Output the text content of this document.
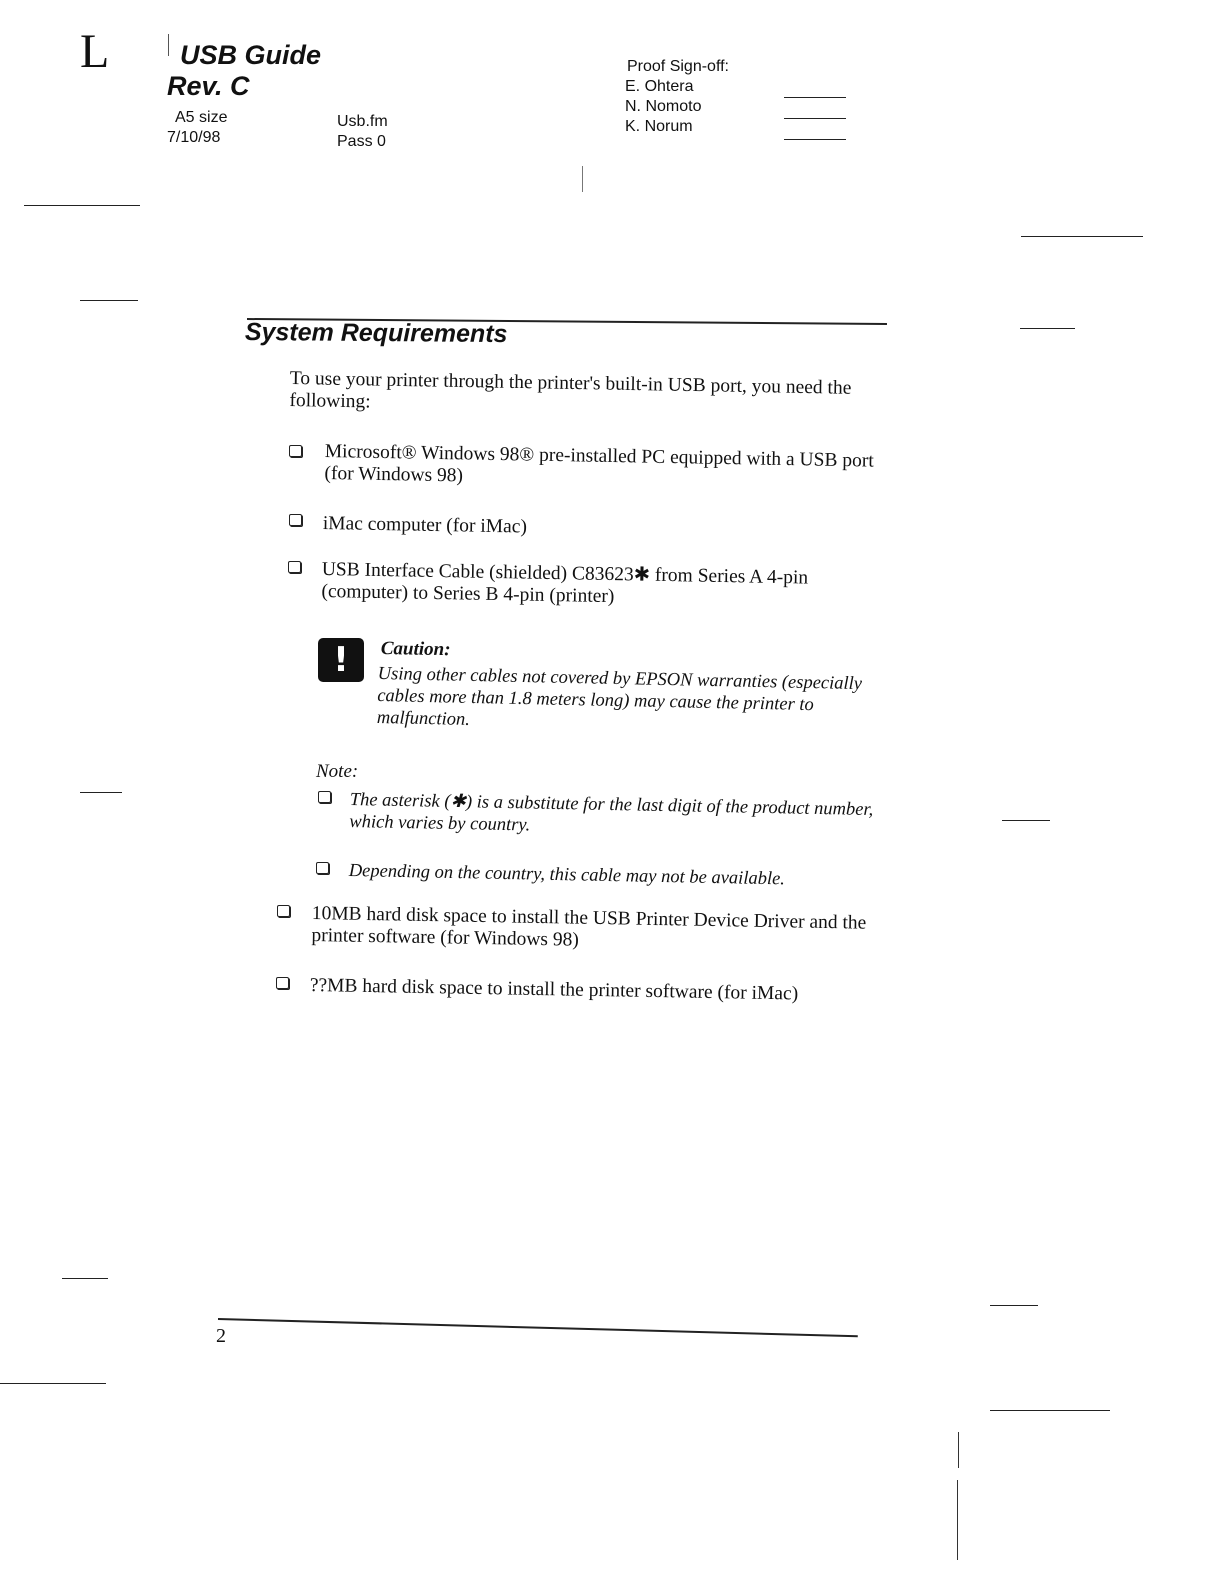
L	USB Guide
Rev. C
A5 size
7/10/98
Usb.fm
Pass 0
Proof Sign-off:
E. Ohtera
N. Nomoto
K. Norum
System Requirements
To use your printer through the printer's built-in USB port, you need the following:
Microsoft® Windows 98® pre-installed PC equipped with a USB port (for Windows 98)
iMac computer (for iMac)
USB Interface Cable (shielded) C83623✱ from Series A 4-pin (computer) to Series B 4-pin (printer)
!	Caution:
Using other cables not covered by EPSON warranties (especially cables more than 1.8 meters long) may cause the printer to malfunction.
Note:
The asterisk (✱) is a substitute for the last digit of the product number, which varies by country.
Depending on the country, this cable may not be available.
10MB hard disk space to install the USB Printer Device Driver and the printer software (for Windows 98)
??MB hard disk space to install the printer software (for iMac)
2
